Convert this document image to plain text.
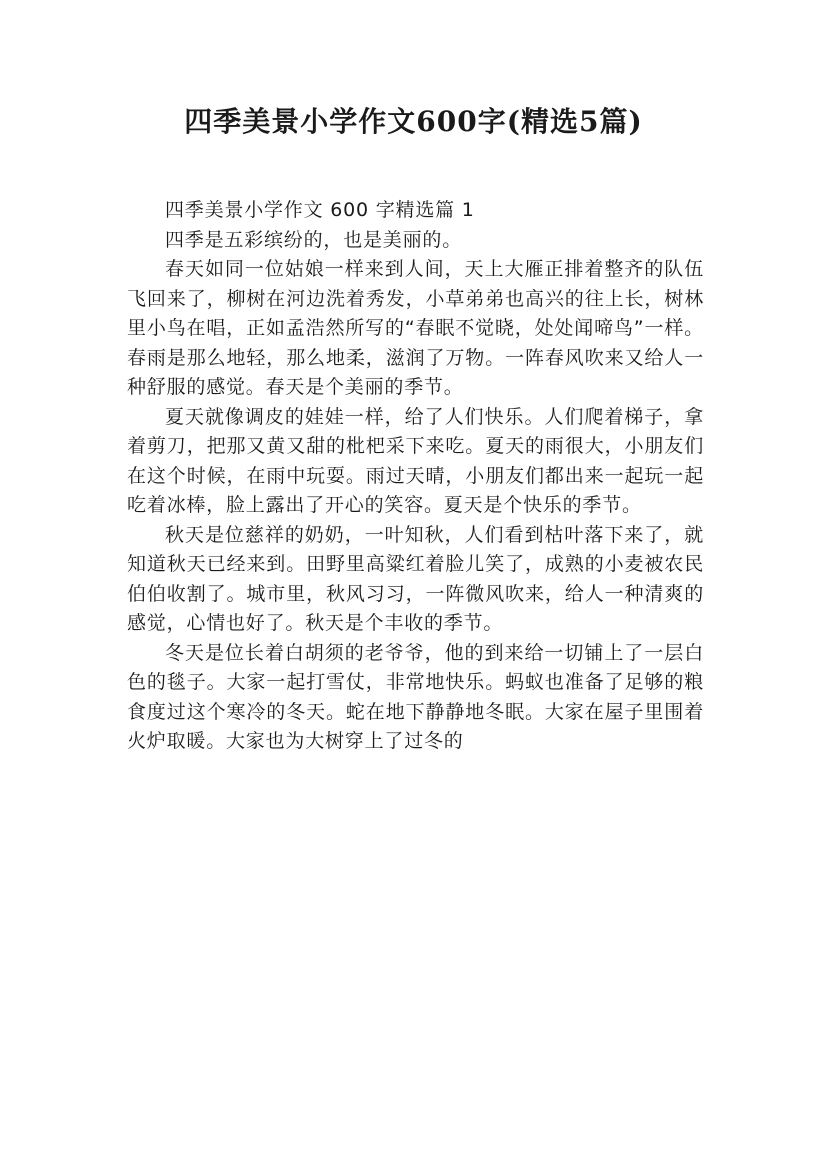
四季美景小学作文600字(精选5篇)

四季美景小学作文 600 字精选篇 1

四季是五彩缤纷的，也是美丽的。

春天如同一位姑娘一样来到人间，天上大雁正排着整齐的队伍飞回来了，柳树在河边洗着秀发，小草弟弟也高兴的往上长，树林里小鸟在唱，正如孟浩然所写的“春眠不觉晓，处处闻啼鸟”一样。春雨是那么地轻，那么地柔，滋润了万物。一阵春风吹来又给人一种舒服的感觉。春天是个美丽的季节。

夏天就像调皮的娃娃一样，给了人们快乐。人们爬着梯子，拿着剪刀，把那又黄又甜的枇杷采下来吃。夏天的雨很大，小朋友们在这个时候，在雨中玩耍。雨过天晴，小朋友们都出来一起玩一起吃着冰棒，脸上露出了开心的笑容。夏天是个快乐的季节。

秋天是位慈祥的奶奶，一叶知秋，人们看到枯叶落下来了，就知道秋天已经来到。田野里高粱红着脸儿笑了，成熟的小麦被农民伯伯收割了。城市里，秋风习习，一阵微风吹来，给人一种清爽的感觉，心情也好了。秋天是个丰收的季节。

冬天是位长着白胡须的老爷爷，他的到来给一切铺上了一层白色的毯子。大家一起打雪仗，非常地快乐。蚂蚁也准备了足够的粮食度过这个寒冷的冬天。蛇在地下静静地冬眠。大家在屋子里围着火炉取暖。大家也为大树穿上了过冬的
